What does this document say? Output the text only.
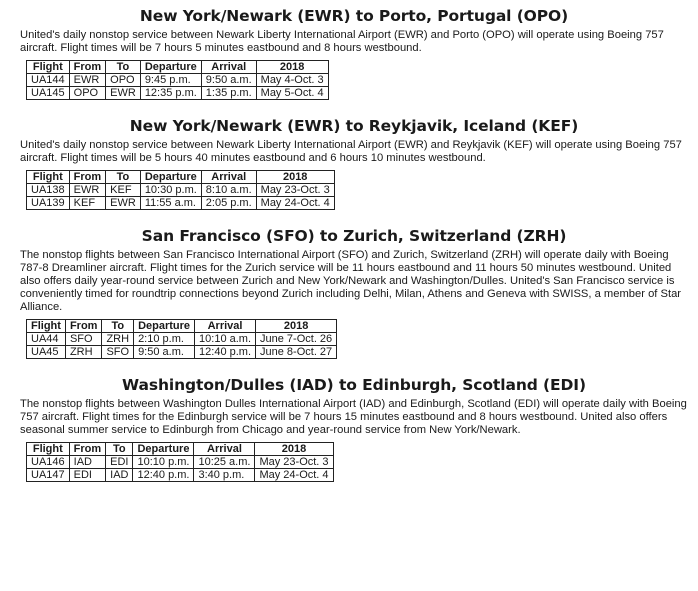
New York/Newark (EWR) to Porto, Portugal (OPO)

United's daily nonstop service between Newark Liberty International Airport (EWR) and Porto (OPO) will operate using Boeing 757 aircraft. Flight times will be 7 hours 5 minutes eastbound and 8 hours westbound.

Flight	From	To	Departure	Arrival	2018
UA144	EWR	OPO	9:45 p.m.	9:50 a.m.	May 4-Oct. 3
UA145	OPO	EWR	12:35 p.m.	1:35 p.m.	May 5-Oct. 4
New York/Newark (EWR) to Reykjavik, Iceland (KEF)

United's daily nonstop service between Newark Liberty International Airport (EWR) and Reykjavik (KEF) will operate using Boeing 757 aircraft. Flight times will be 5 hours 40 minutes eastbound and 6 hours 10 minutes westbound.

Flight	From	To	Departure	Arrival	2018
UA138	EWR	KEF	10:30 p.m.	8:10 a.m.	May 23-Oct. 3
UA139	KEF	EWR	11:55 a.m.	2:05 p.m.	May 24-Oct. 4
San Francisco (SFO) to Zurich, Switzerland (ZRH)

The nonstop flights between San Francisco International Airport (SFO) and Zurich, Switzerland (ZRH) will operate daily with Boeing 787-8 Dreamliner aircraft. Flight times for the Zurich service will be 11 hours eastbound and 11 hours 50 minutes westbound. United also offers daily year-round service between Zurich and New York/Newark and Washington/Dulles. United's San Francisco service is conveniently timed for roundtrip connections beyond Zurich including Delhi, Milan, Athens and Geneva with SWISS, a member of Star Alliance.

Flight	From	To	Departure	Arrival	2018
UA44	SFO	ZRH	2:10 p.m.	10:10 a.m.	June 7-Oct. 26
UA45	ZRH	SFO	9:50 a.m.	12:40 p.m.	June 8-Oct. 27
Washington/Dulles (IAD) to Edinburgh, Scotland (EDI)

The nonstop flights between Washington Dulles International Airport (IAD) and Edinburgh, Scotland (EDI) will operate daily with Boeing 757 aircraft. Flight times for the Edinburgh service will be 7 hours 15 minutes eastbound and 8 hours westbound. United also offers seasonal summer service to Edinburgh from Chicago and year-round service from New York/Newark.

Flight	From	To	Departure	Arrival	2018
UA146	IAD	EDI	10:10 p.m.	10:25 a.m.	May 23-Oct. 3
UA147	EDI	IAD	12:40 p.m.	3:40 p.m.	May 24-Oct. 4
